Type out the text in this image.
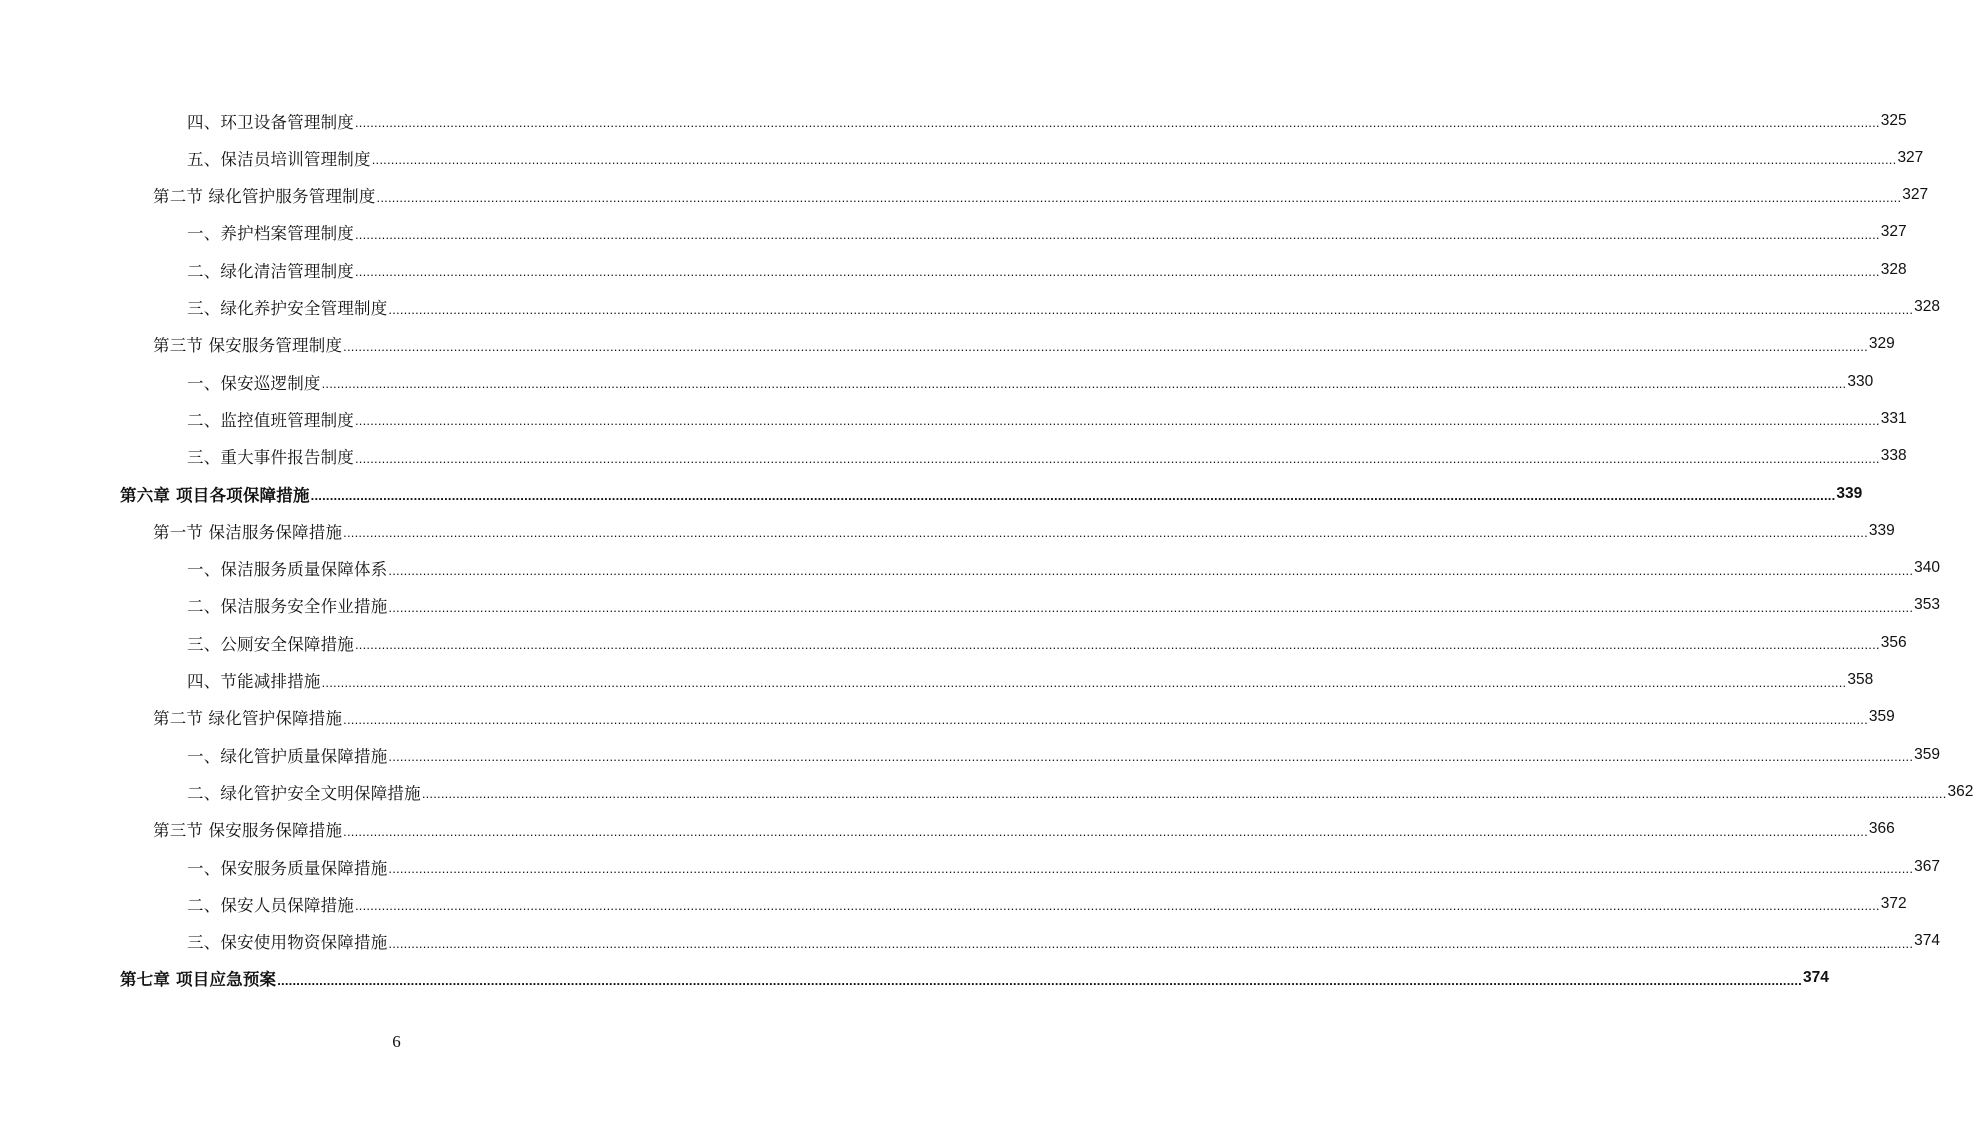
四、环卫设备管理制度 ................................................................................................................................................................................................................................................................................................................................................................................................................ 325
五、保洁员培训管理制度 ................................................................................................................................................................................................................................................................................................................................................................................................................ 327
第二节 绿化管护服务管理制度 ................................................................................................................................................................................................................................................................................................................................................................................................................ 327
一、养护档案管理制度 ................................................................................................................................................................................................................................................................................................................................................................................................................ 327
二、绿化清洁管理制度 ................................................................................................................................................................................................................................................................................................................................................................................................................ 328
三、绿化养护安全管理制度 ................................................................................................................................................................................................................................................................................................................................................................................................................ 328
第三节 保安服务管理制度 ................................................................................................................................................................................................................................................................................................................................................................................................................ 329
一、保安巡逻制度 ................................................................................................................................................................................................................................................................................................................................................................................................................ 330
二、监控值班管理制度 ................................................................................................................................................................................................................................................................................................................................................................................................................ 331
三、重大事件报告制度 ................................................................................................................................................................................................................................................................................................................................................................................................................ 338
第六章 项目各项保障措施 ................................................................................................................................................................................................................................................................................................................................................................................................................ 339
第一节 保洁服务保障措施 ................................................................................................................................................................................................................................................................................................................................................................................................................ 339
一、保洁服务质量保障体系 ................................................................................................................................................................................................................................................................................................................................................................................................................ 340
二、保洁服务安全作业措施 ................................................................................................................................................................................................................................................................................................................................................................................................................ 353
三、公厕安全保障措施 ................................................................................................................................................................................................................................................................................................................................................................................................................ 356
四、节能减排措施 ................................................................................................................................................................................................................................................................................................................................................................................................................ 358
第二节 绿化管护保障措施 ................................................................................................................................................................................................................................................................................................................................................................................................................ 359
一、绿化管护质量保障措施 ................................................................................................................................................................................................................................................................................................................................................................................................................ 359
二、绿化管护安全文明保障措施 ................................................................................................................................................................................................................................................................................................................................................................................................................ 362
第三节 保安服务保障措施 ................................................................................................................................................................................................................................................................................................................................................................................................................ 366
一、保安服务质量保障措施 ................................................................................................................................................................................................................................................................................................................................................................................................................ 367
二、保安人员保障措施 ................................................................................................................................................................................................................................................................................................................................................................................................................ 372
三、保安使用物资保障措施 ................................................................................................................................................................................................................................................................................................................................................................................................................ 374
第七章 项目应急预案 ................................................................................................................................................................................................................................................................................................................................................................................................................ 374
6
